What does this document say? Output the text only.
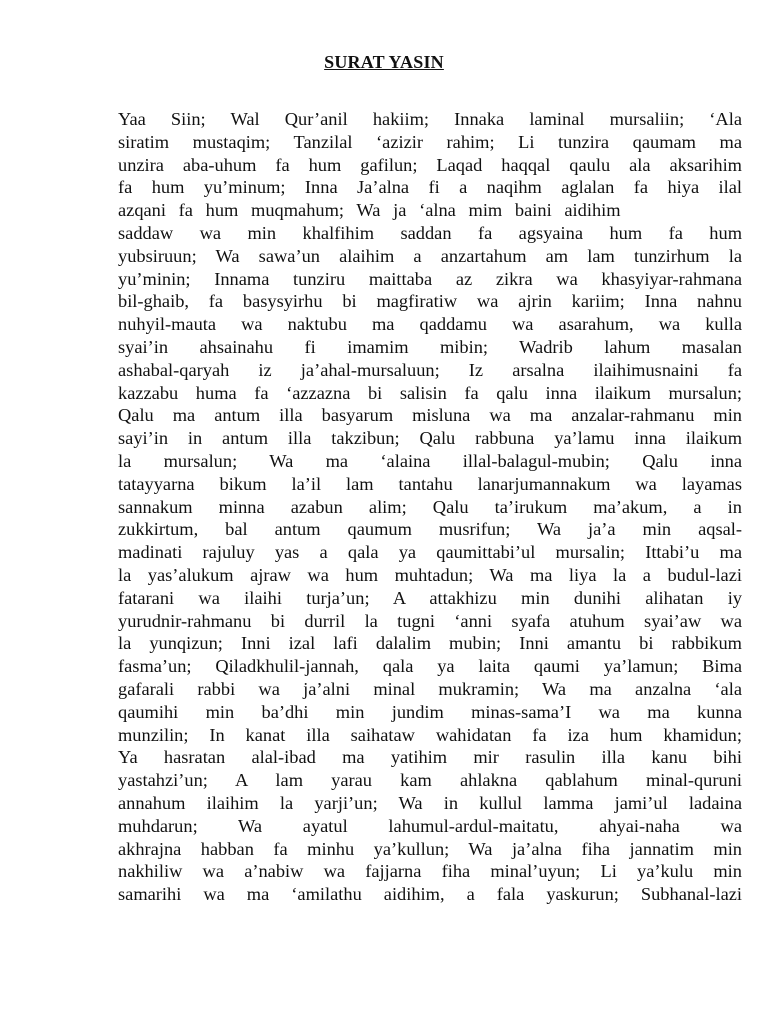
SURAT YASIN
Yaa Siin; Wal Qur’anil hakiim; Innaka laminal mursaliin; ‘Ala
siratim mustaqim; Tanzilal ‘azizir rahim; Li tunzira qaumam ma
unzira aba-uhum fa hum gafilun; Laqad haqqal qaulu ala aksarihim
fa hum yu’minum; Inna Ja’alna fi a naqihm aglalan fa hiya ilal
azqani fa hum muqmahum; Wa ja ‘alna mim baini aidihim
saddaw wa min khalfihim saddan fa agsyaina hum fa hum
yubsiruun; Wa sawa’un alaihim a anzartahum am lam tunzirhum la
yu’minin; Innama tunziru maittaba az zikra wa khasyiyar-rahmana
bil-ghaib, fa basysyirhu bi magfiratiw wa ajrin kariim; Inna nahnu
nuhyil-mauta wa naktubu ma qaddamu wa asarahum, wa kulla
syai’in ahsainahu fi imamim mibin; Wadrib lahum masalan
ashabal-qaryah iz ja’ahal-mursaluun; Iz arsalna ilaihimusnaini fa
kazzabu huma fa ‘azzazna bi salisin fa qalu inna ilaikum mursalun;
Qalu ma antum illa basyarum misluna wa ma anzalar-rahmanu min
sayi’in in antum illa takzibun; Qalu rabbuna ya’lamu inna ilaikum
la mursalun; Wa ma ‘alaina illal-balagul-mubin; Qalu inna
tatayyarna bikum la’il lam tantahu lanarjumannakum wa layamas
sannakum minna azabun alim; Qalu ta’irukum ma’akum, a in
zukkirtum, bal antum qaumum musrifun; Wa ja’a min aqsal-
madinati rajuluy yas a qala ya qaumittabi’ul mursalin; Ittabi’u ma
la yas’alukum ajraw wa hum muhtadun; Wa ma liya la a budul-lazi
fatarani wa ilaihi turja’un; A attakhizu min dunihi alihatan iy
yurudnir-rahmanu bi durril la tugni ‘anni syafa atuhum syai’aw wa
la yunqizun; Inni izal lafi dalalim mubin; Inni amantu bi rabbikum
fasma’un; Qiladkhulil-jannah, qala ya laita qaumi ya’lamun; Bima
gafarali rabbi wa ja’alni minal mukramin; Wa ma anzalna ‘ala
qaumihi min ba’dhi min jundim minas-sama’I wa ma kunna
munzilin; In kanat illa saihataw wahidatan fa iza hum khamidun;
Ya hasratan alal-ibad ma yatihim mir rasulin illa kanu bihi
yastahzi’un; A lam yarau kam ahlakna qablahum minal-quruni
annahum ilaihim la yarji’un; Wa in kullul lamma jami’ul ladaina
muhdarun; Wa ayatul lahumul-ardul-maitatu, ahyai-naha wa
akhrajna habban fa minhu ya’kullun; Wa ja’alna fiha jannatim min
nakhiliw wa a’nabiw wa fajjarna fiha minal’uyun; Li ya’kulu min
samarihi wa ma ‘amilathu aidihim, a fala yaskurun; Subhanal-lazi
